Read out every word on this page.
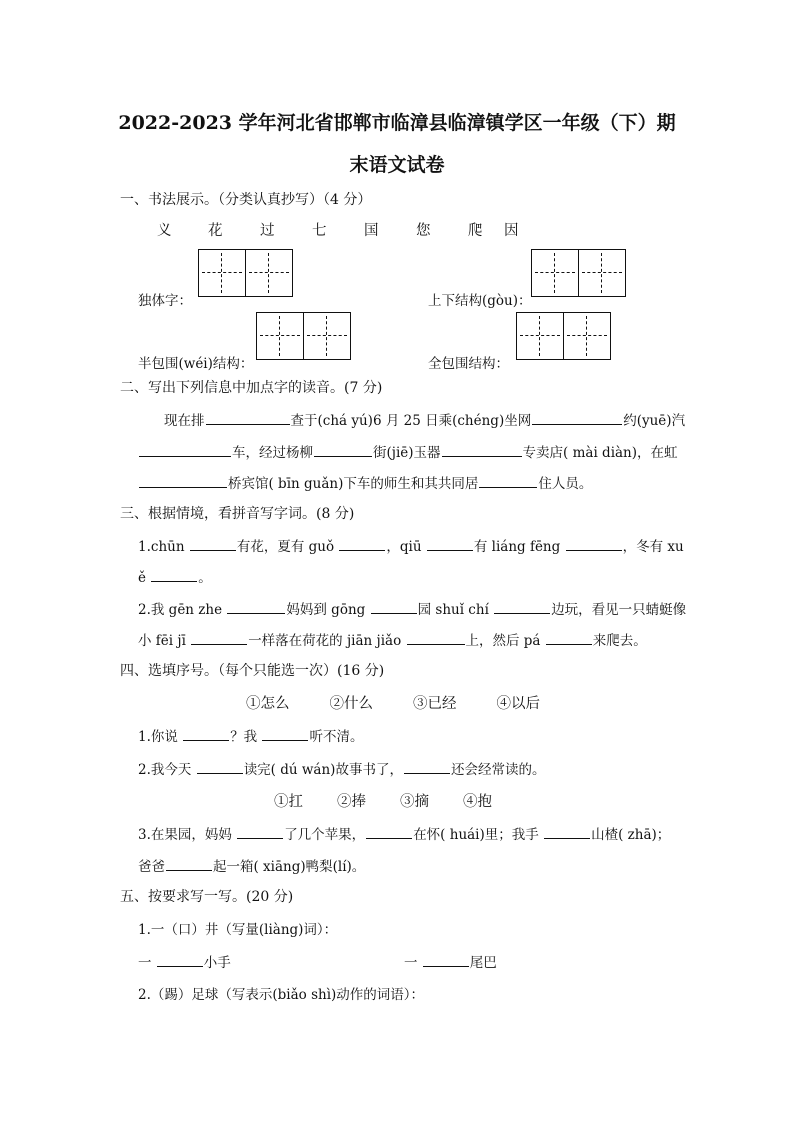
2022-2023 学年河北省邯郸市临漳县临漳镇学区一年级（下）期
末语文试卷
一、书法展示。（分类认真抄写）（4 分）
义	花	过	七	国	您	爬 因
独体字：	上下结构(gòu)：
半包围(wéi)结构：	全包围结构：
二、写出下列信息中加点字的读音。(7 分)
现在排	查于(chá yú)6 月 25 日乘(chéng)坐网	约(yuē)汽
车，经过杨柳	街(jiē)玉器	专卖店( mài diàn)，在虹
桥宾馆( bīn guǎn)下车的师生和其共同居	住人员。
三、根据情境，看拼音写字词。(8 分)
1.chūn	有花，夏有 guǒ	，qiū	有 liáng fēng	，冬有 xu
ě	。
2.我 gēn zhe	妈妈到 gōng	园 shuǐ chí	边玩，看见一只蜻蜓像
小 fēi jī	一样落在荷花的 jiān jiǎo	上，然后 pá	来爬去。
四、选填序号。（每个只能选一次）(16 分)
①怎么	②什么	③已经	④以后
1.你说	？我	听不清。
2.我今天	读完( dú wán)故事书了，	还会经常读的。
①扛 ②捧 ③摘 ④抱
3.在果园，妈妈	了几个苹果，	在怀( huái)里；我手	山楂( zhā)；
爸爸	起一箱( xiāng)鸭梨(lí)。
五、按要求写一写。(20 分)
1.一（口）井（写量(liàng)词）：
一	小手	一	尾巴
2.（踢）足球（写表示(biǎo shì)动作的词语）：
